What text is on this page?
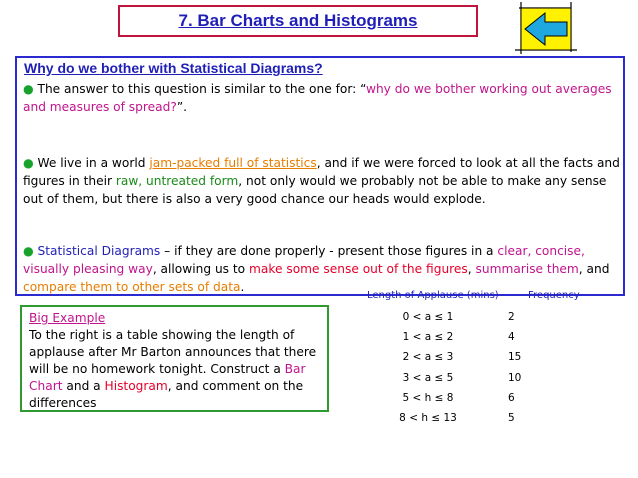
7. Bar Charts and Histograms
Why do we bother with Statistical Diagrams?
● The answer to this question is similar to the one for: “why do we bother working out averages and measures of spread?”.
● We live in a world jam-packed full of statistics, and if we were forced to look at all the facts and figures in their raw, untreated form, not only would we probably not be able to make any sense out of them, but there is also a very good chance our heads would explode.
● Statistical Diagrams – if they are done properly - present those figures in a clear, concise, visually pleasing way, allowing us to make some sense out of the figures, summarise them, and compare them to other sets of data.
Big Example
To the right is a table showing the length of applause after Mr Barton announces that there will be no homework tonight. Construct a Bar Chart and a Histogram, and comment on the differences
Length of Applause (mins)	Frequency
0 < a ≤ 1	2
1 < a ≤ 2	4
2 < a ≤ 3	15
3 < a ≤ 5	10
5 < h ≤ 8	6
8 < h ≤ 13	5
